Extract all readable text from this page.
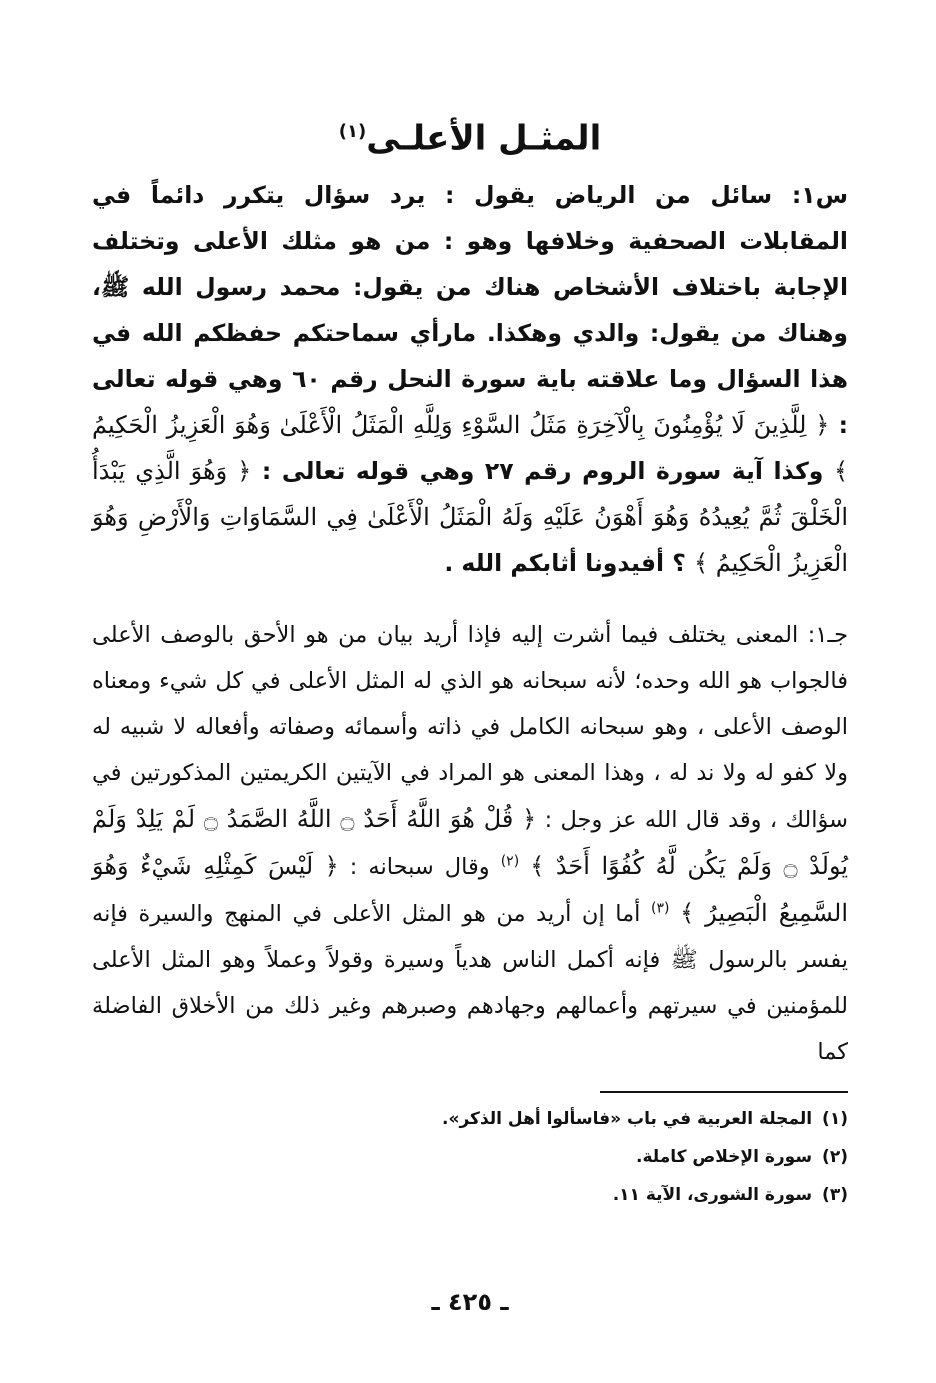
المثـل الأعلـى$^{(١)}$

س١: سائل من الرياض يقول : يرد سؤال يتكرر دائماً في المقابلات الصحفية وخلافها وهو : من هو مثلك الأعلى وتختلف الإجابة باختلاف الأشخاص هناك من يقول: محمد رسول الله ﷺ، وهناك من يقول: والدي وهكذا. مارأي سماحتكم حفظكم الله في هذا السؤال وما علاقته باية سورة النحل رقم ٦٠ وهي قوله تعالى : ﴿ لِلَّذِينَ لَا يُؤْمِنُونَ بِالْآخِرَةِ مَثَلُ السَّوْءِ وَلِلَّهِ الْمَثَلُ الْأَعْلَىٰ وَهُوَ الْعَزِيزُ الْحَكِيمُ ﴾ وكذا آية سورة الروم رقم ٢٧ وهي قوله تعالى : ﴿ وَهُوَ الَّذِي يَبْدَأُ الْخَلْقَ ثُمَّ يُعِيدُهُ وَهُوَ أَهْوَنُ عَلَيْهِ وَلَهُ الْمَثَلُ الْأَعْلَىٰ فِي السَّمَاوَاتِ وَالْأَرْضِ وَهُوَ الْعَزِيزُ الْحَكِيمُ ﴾ ؟ أفيدونا أثابكم الله .

جـ١: المعنى يختلف فيما أشرت إليه فإذا أريد بيان من هو الأحق بالوصف الأعلى فالجواب هو الله وحده؛ لأنه سبحانه هو الذي له المثل الأعلى في كل شيء ومعناه الوصف الأعلى ، وهو سبحانه الكامل في ذاته وأسمائه وصفاته وأفعاله لا شبيه له ولا كفو له ولا ند له ، وهذا المعنى هو المراد في الآيتين الكريمتين المذكورتين في سؤالك ، وقد قال الله عز وجل : ﴿ قُلْ هُوَ اللَّهُ أَحَدٌ ۝ اللَّهُ الصَّمَدُ ۝ لَمْ يَلِدْ وَلَمْ يُولَدْ ۝ وَلَمْ يَكُن لَّهُ كُفُوًا أَحَدٌ ﴾ $^{(٢)}$ وقال سبحانه : ﴿ لَيْسَ كَمِثْلِهِ شَيْءٌ وَهُوَ السَّمِيعُ الْبَصِيرُ ﴾ $^{(٣)}$ أما إن أريد من هو المثل الأعلى في المنهج والسيرة فإنه يفسر بالرسول ﷺ فإنه أكمل الناس هدياً وسيرة وقولاً وعملاً وهو المثل الأعلى للمؤمنين في سيرتهم وأعمالهم وجهادهم وصبرهم وغير ذلك من الأخلاق الفاضلة كما

(١)المجلة العربية في باب «فاسألوا أهل الذكر».
(٢)سورة الإخلاص كاملة.
(٣)سورة الشورى، الآية ١١.
ـ ٤٢٥ ـ
